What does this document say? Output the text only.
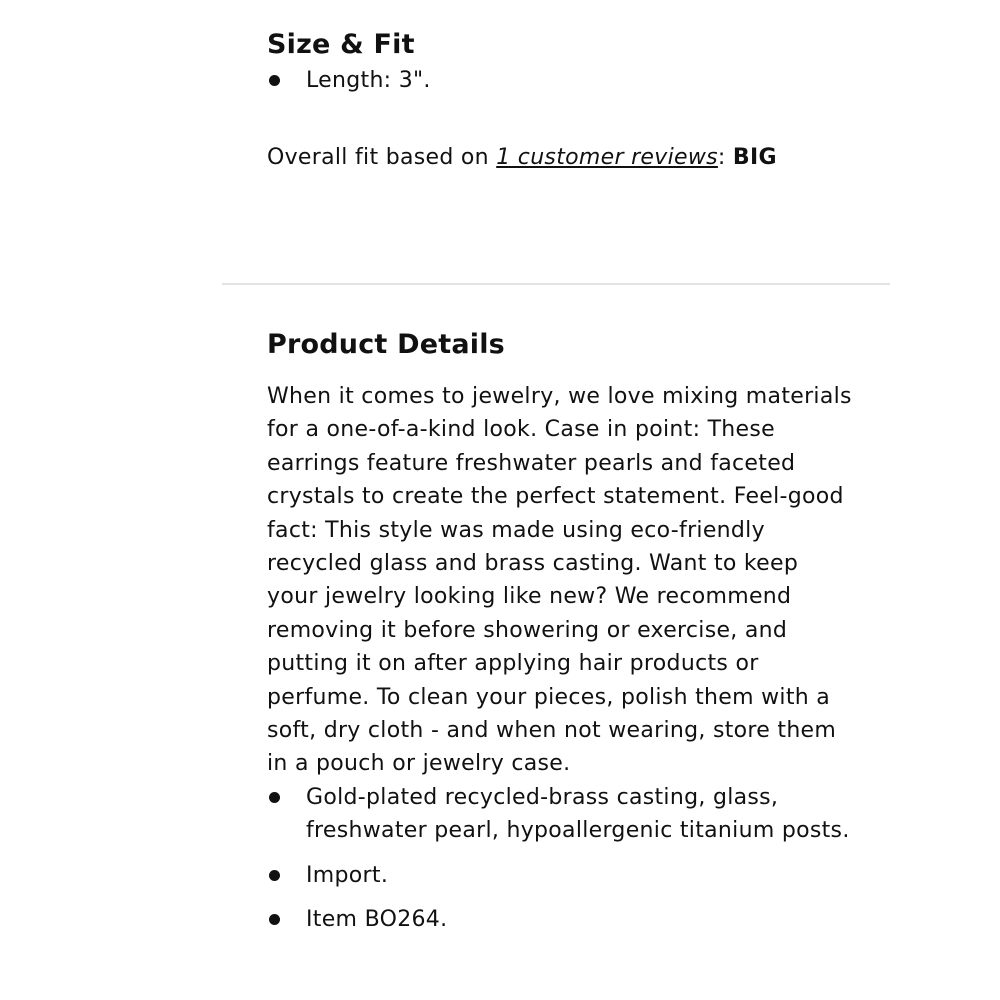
Size & Fit
Length: 3".
Overall fit based on 1 customer reviews: BIG
Product Details

When it comes to jewelry, we love mixing materials for a one-of-a-kind look. Case in point: These earrings feature freshwater pearls and faceted crystals to create the perfect statement. Feel-good fact: This style was made using eco-friendly recycled glass and brass casting. Want to keep your jewelry looking like new? We recommend removing it before showering or exercise, and putting it on after applying hair products or perfume. To clean your pieces, polish them with a soft, dry cloth - and when not wearing, store them in a pouch or jewelry case.

Gold-plated recycled-brass casting, glass, freshwater pearl, hypoallergenic titanium posts.
Import.
Item BO264.
